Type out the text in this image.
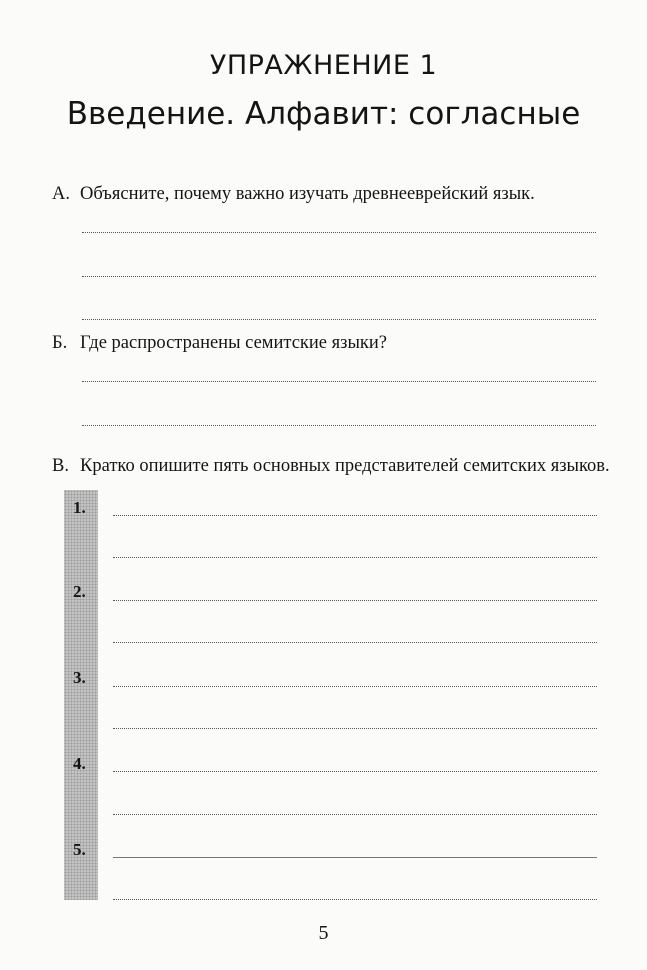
УПРАЖНЕНИЕ 1
Введение. Алфавит: согласные
А. Объясните, почему важно изучать древнееврейский язык.
Б. Где распространены семитские языки?
В. Кратко опишите пять основных представителей семитских языков.
1.
2.
3.
4.
5.
5
